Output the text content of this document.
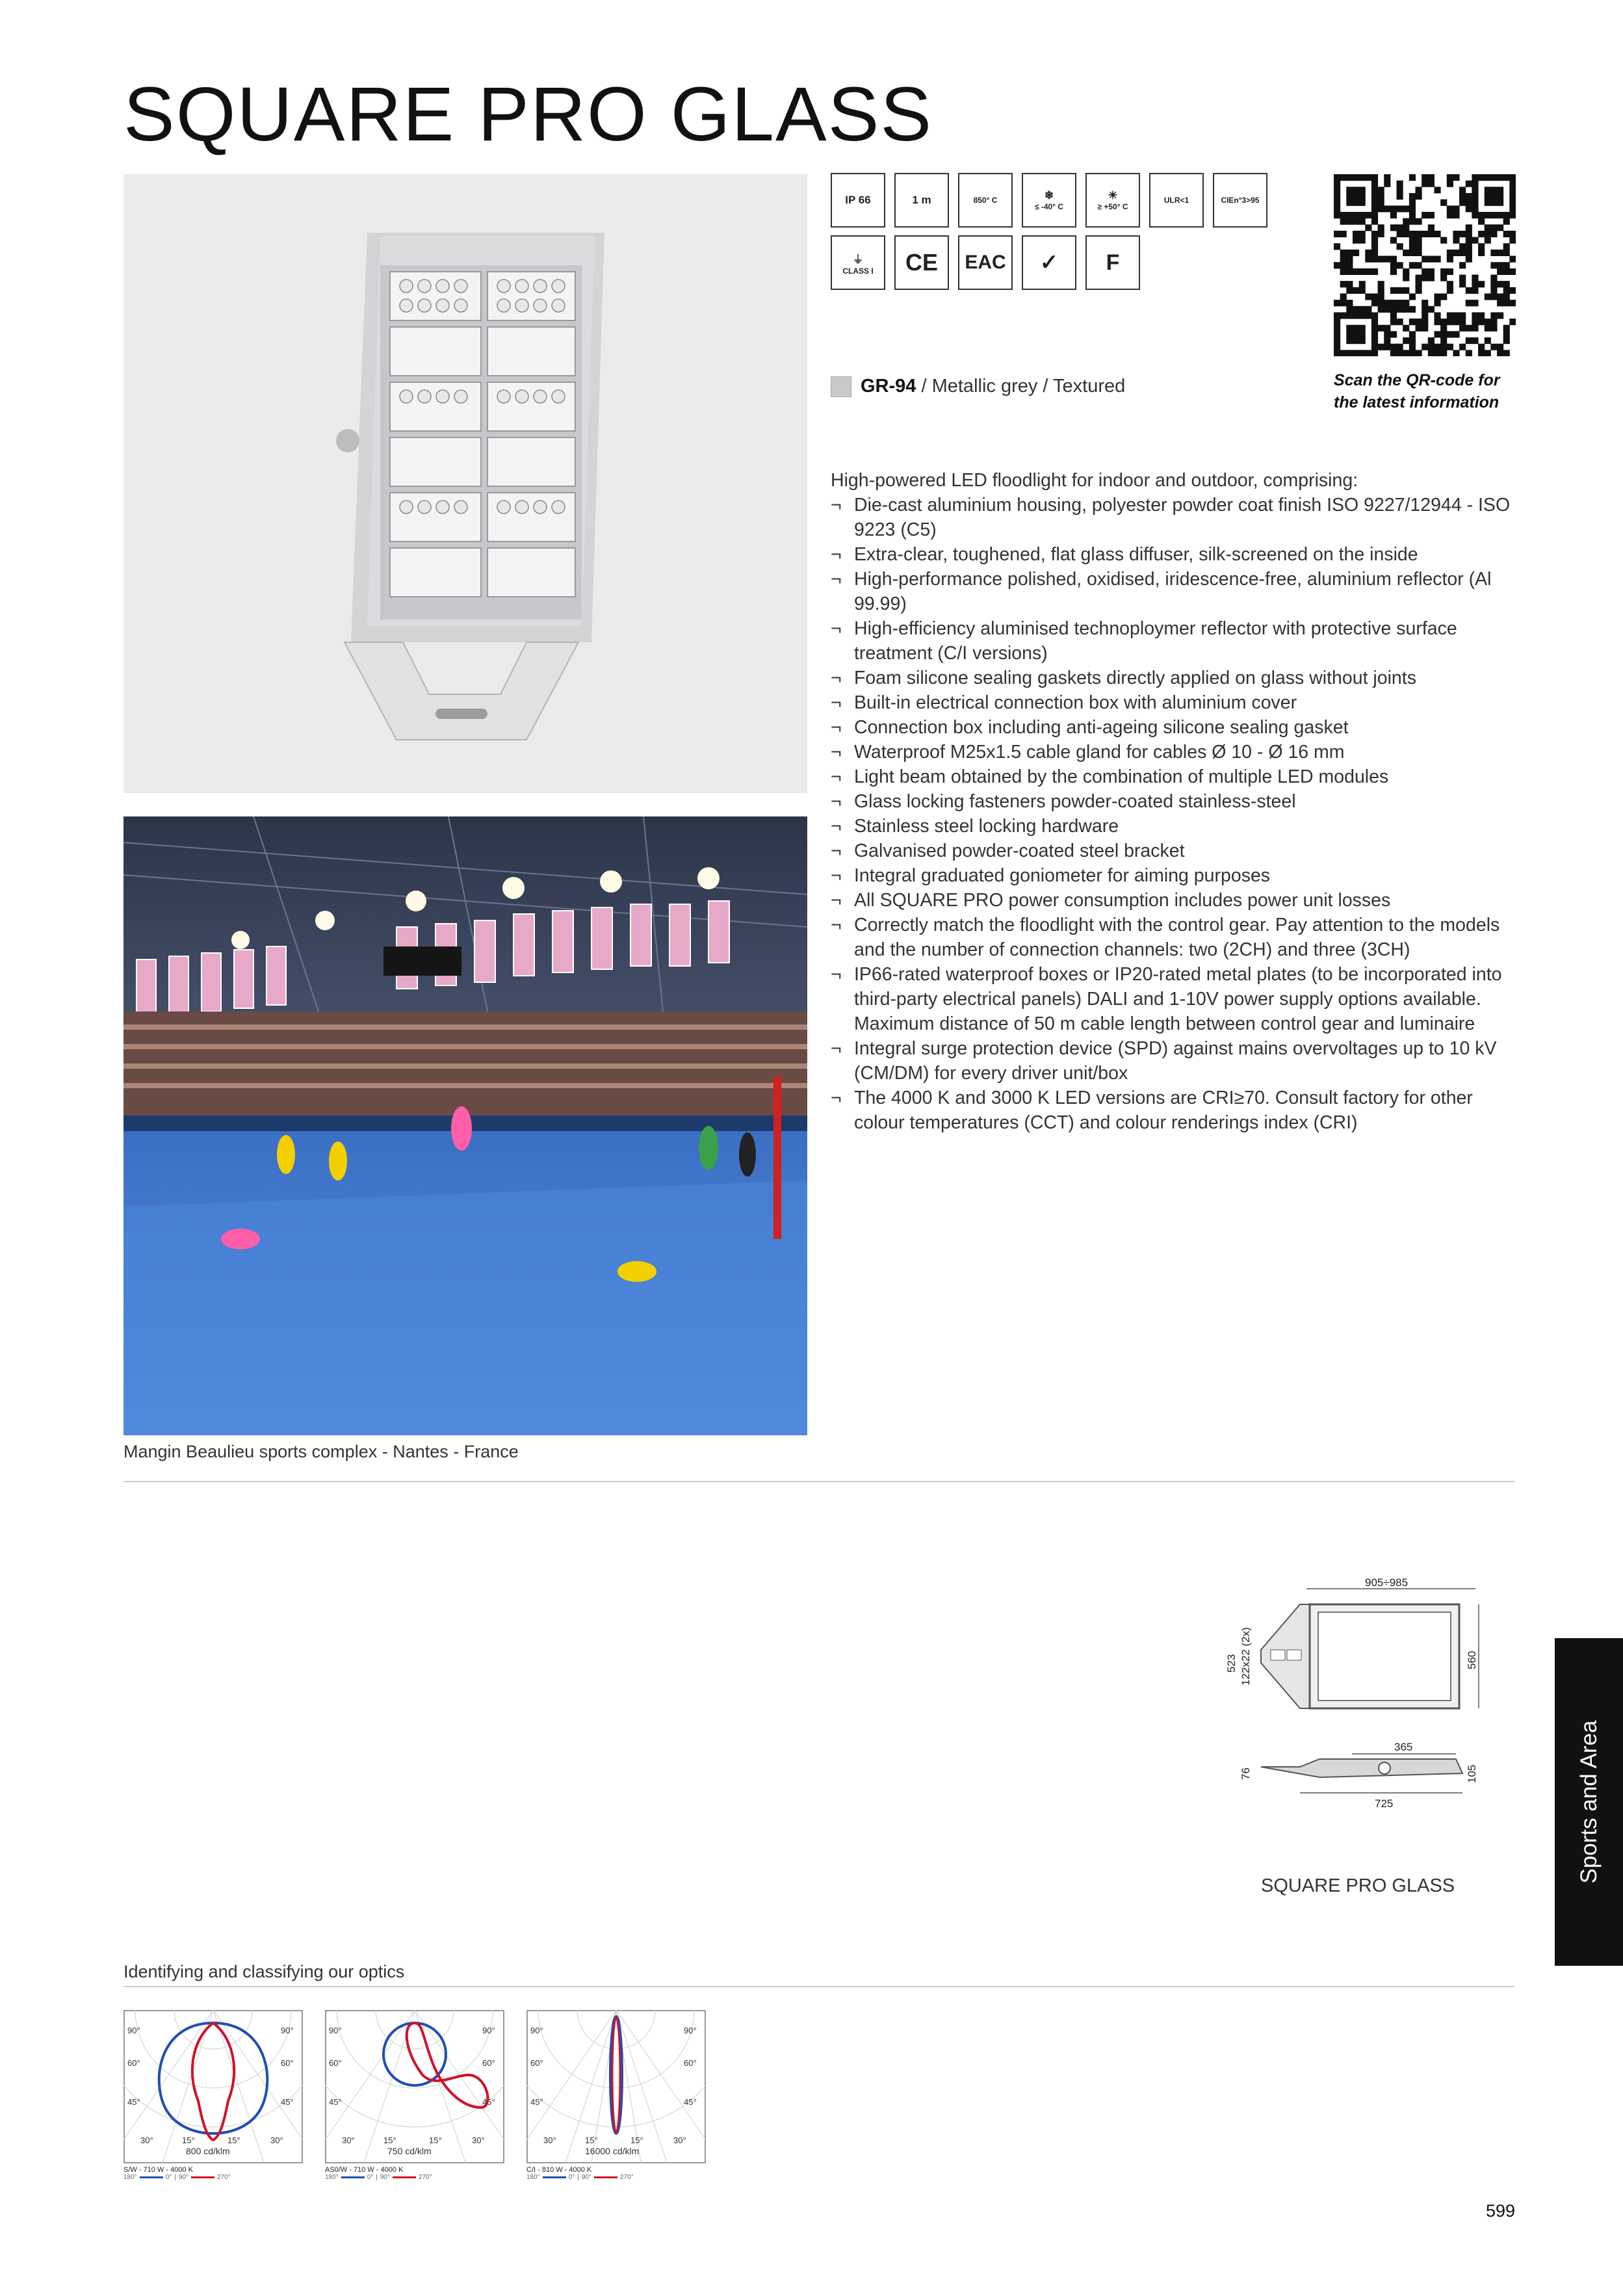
SQUARE PRO GLASS
Mangin Beaulieu sports complex - Nantes - France
IP 66	1 m	850° C	❄
≤ -40° C
☀
≥ +50° C
ULR<1	CIEn°3>95
⏚
CLASS I CE EAC ✓ F
Scan the QR-code for the latest information
GR-94 / Metallic grey / Textured

High-powered LED floodlight for indoor and outdoor, comprising:

¬ Die-cast aluminium housing, polyester powder coat finish ISO 9227/12944 - ISO 9223 (C5)
¬ Extra-clear, toughened, flat glass diffuser, silk-screened on the inside
¬ High-performance polished, oxidised, iridescence-free, aluminium reflector (Al 99.99)
¬ High-efficiency aluminised technoploymer reflector with protective surface treatment (C/I versions)
¬ Foam silicone sealing gaskets directly applied on glass without joints
¬ Built-in electrical connection box with aluminium cover
¬ Connection box including anti-ageing silicone sealing gasket
¬ Waterproof M25x1.5 cable gland for cables Ø 10 - Ø 16 mm
¬ Light beam obtained by the combination of multiple LED modules
¬ Glass locking fasteners powder-coated stainless-steel
¬ Stainless steel locking hardware
¬ Galvanised powder-coated steel bracket
¬ Integral graduated goniometer for aiming purposes
¬ All SQUARE PRO power consumption includes power unit losses
¬ Correctly match the floodlight with the control gear. Pay attention to the models and the number of connection channels: two (2CH) and three (3CH)
¬ IP66-rated waterproof boxes or IP20-rated metal plates (to be incorporated into third-party electrical panels) DALI and 1-10V power supply options available. Maximum distance of 50 m cable length between control gear and luminaire
¬ Integral surge protection device (SPD) against mains overvoltages up to 10 kV (CM/DM) for every driver unit/box
¬ The 4000 K and 3000 K LED versions are CRI≥70. Consult factory for other colour temperatures (CCT) and colour renderings index (CRI)
905÷985
560
523 122x22 (2x)
365
76	105
725
SQUARE PRO GLASS
Sports and Area
Identifying and classifying our optics
90°	90°
60°	60°
45°	45°
30°	30°
15°	15°
800 cd/klm
S/W - 710 W - 4000 K
180°	0° | 90°	270°
90°	90°
60°	60°
45°	45°
30°	30°
15°	15°
750 cd/klm
AS0/W - 710 W - 4000 K
180°	0° | 90°	270°
90°	90°
60°	60°
45°	45°
30°	30°
15°	15°
16000 cd/klm
C/I - 810 W - 4000 K
180°	0° | 90°	270°
599
